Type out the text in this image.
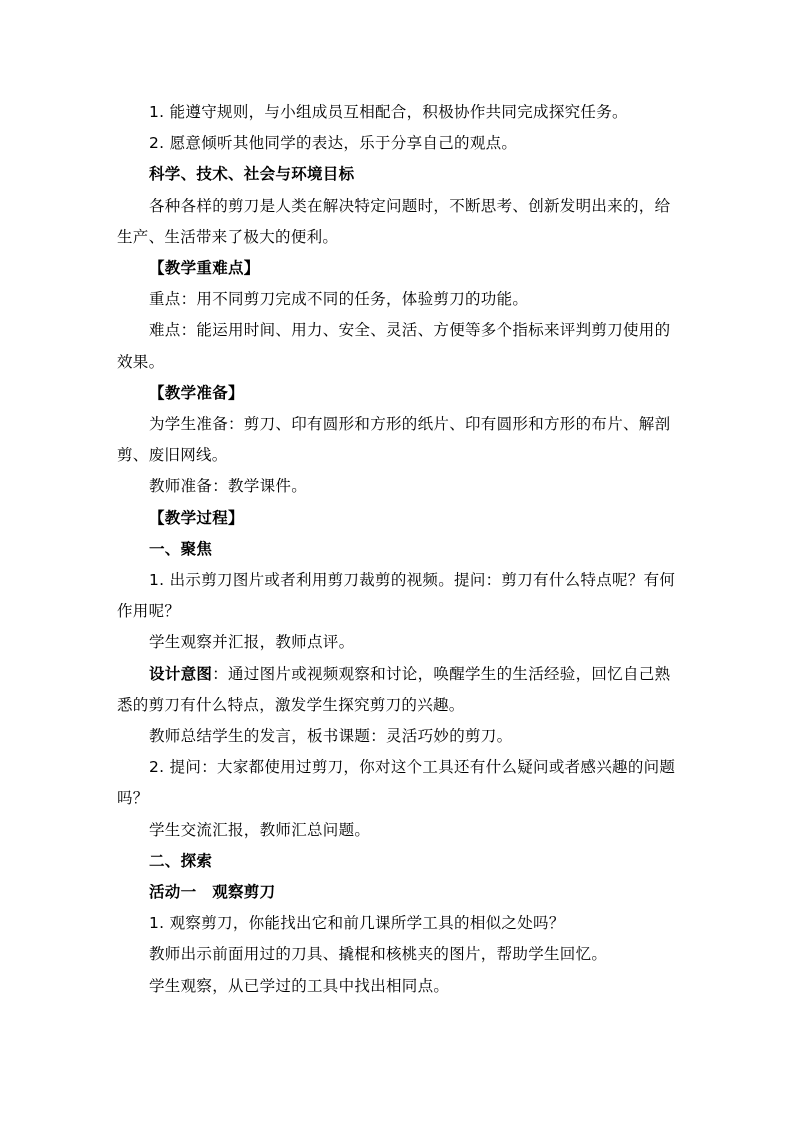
1. 能遵守规则，与小组成员互相配合，积极协作共同完成探究任务。

2. 愿意倾听其他同学的表达，乐于分享自己的观点。

科学、技术、社会与环境目标

各种各样的剪刀是人类在解决特定问题时，不断思考、创新发明出来的，给生产、生活带来了极大的便利。

【教学重难点】

重点：用不同剪刀完成不同的任务，体验剪刀的功能。

难点：能运用时间、用力、安全、灵活、方便等多个指标来评判剪刀使用的效果。

【教学准备】

为学生准备：剪刀、印有圆形和方形的纸片、印有圆形和方形的布片、解剖剪、废旧网线。

教师准备：教学课件。

【教学过程】

一、聚焦

1. 出示剪刀图片或者利用剪刀裁剪的视频。提问：剪刀有什么特点呢？有何作用呢？

学生观察并汇报，教师点评。

设计意图：通过图片或视频观察和讨论，唤醒学生的生活经验，回忆自己熟悉的剪刀有什么特点，激发学生探究剪刀的兴趣。

教师总结学生的发言，板书课题：灵活巧妙的剪刀。

2. 提问：大家都使用过剪刀，你对这个工具还有什么疑问或者感兴趣的问题吗？

学生交流汇报，教师汇总问题。

二、探索

活动一　观察剪刀

1. 观察剪刀，你能找出它和前几课所学工具的相似之处吗？

教师出示前面用过的刀具、撬棍和核桃夹的图片，帮助学生回忆。

学生观察，从已学过的工具中找出相同点。
